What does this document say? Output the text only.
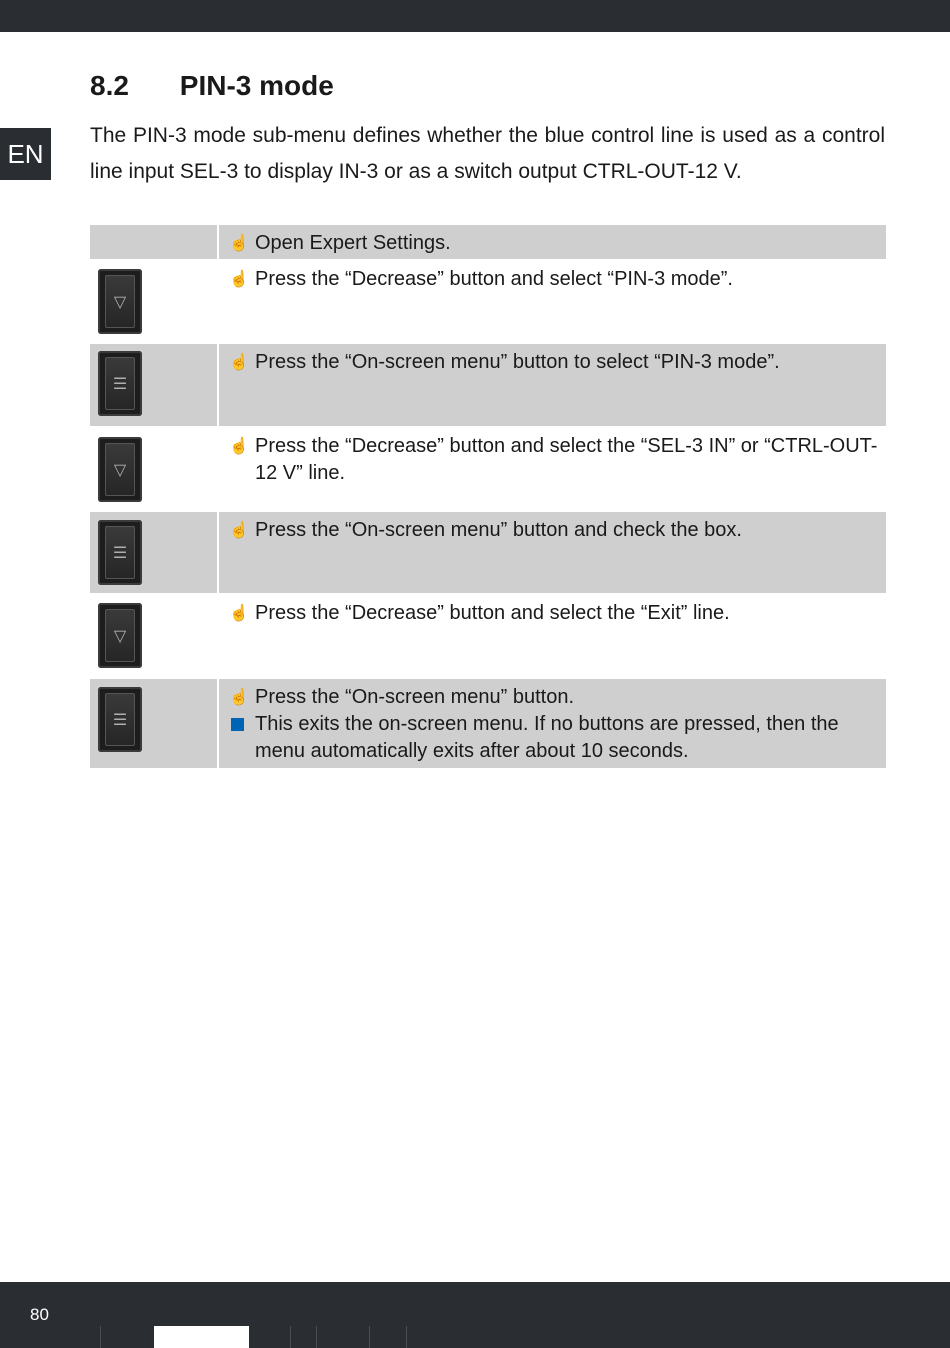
EN
8.2 PIN-3 mode
The PIN-3 mode sub-menu defines whether the blue control line is used as a control line input SEL-3 to display IN-3 or as a switch output CTRL-OUT-12 V.
☝ Open Expert Settings.
▽
☝ Press the “Decrease” button and select “PIN-3 mode”.
☰
☝ Press the “On-screen menu” button to select “PIN-3 mode”.
▽
☝ Press the “Decrease” button and select the “SEL-3 IN” or “CTRL-OUT-12 V” line.
☰
☝ Press the “On-screen menu” button and check the box.
▽
☝ Press the “Decrease” button and select the “Exit” line.
☰
☝ Press the “On-screen menu” button.
This exits the on-screen menu. If no buttons are pressed, then the menu automatically exits after about 10 seconds.
80
